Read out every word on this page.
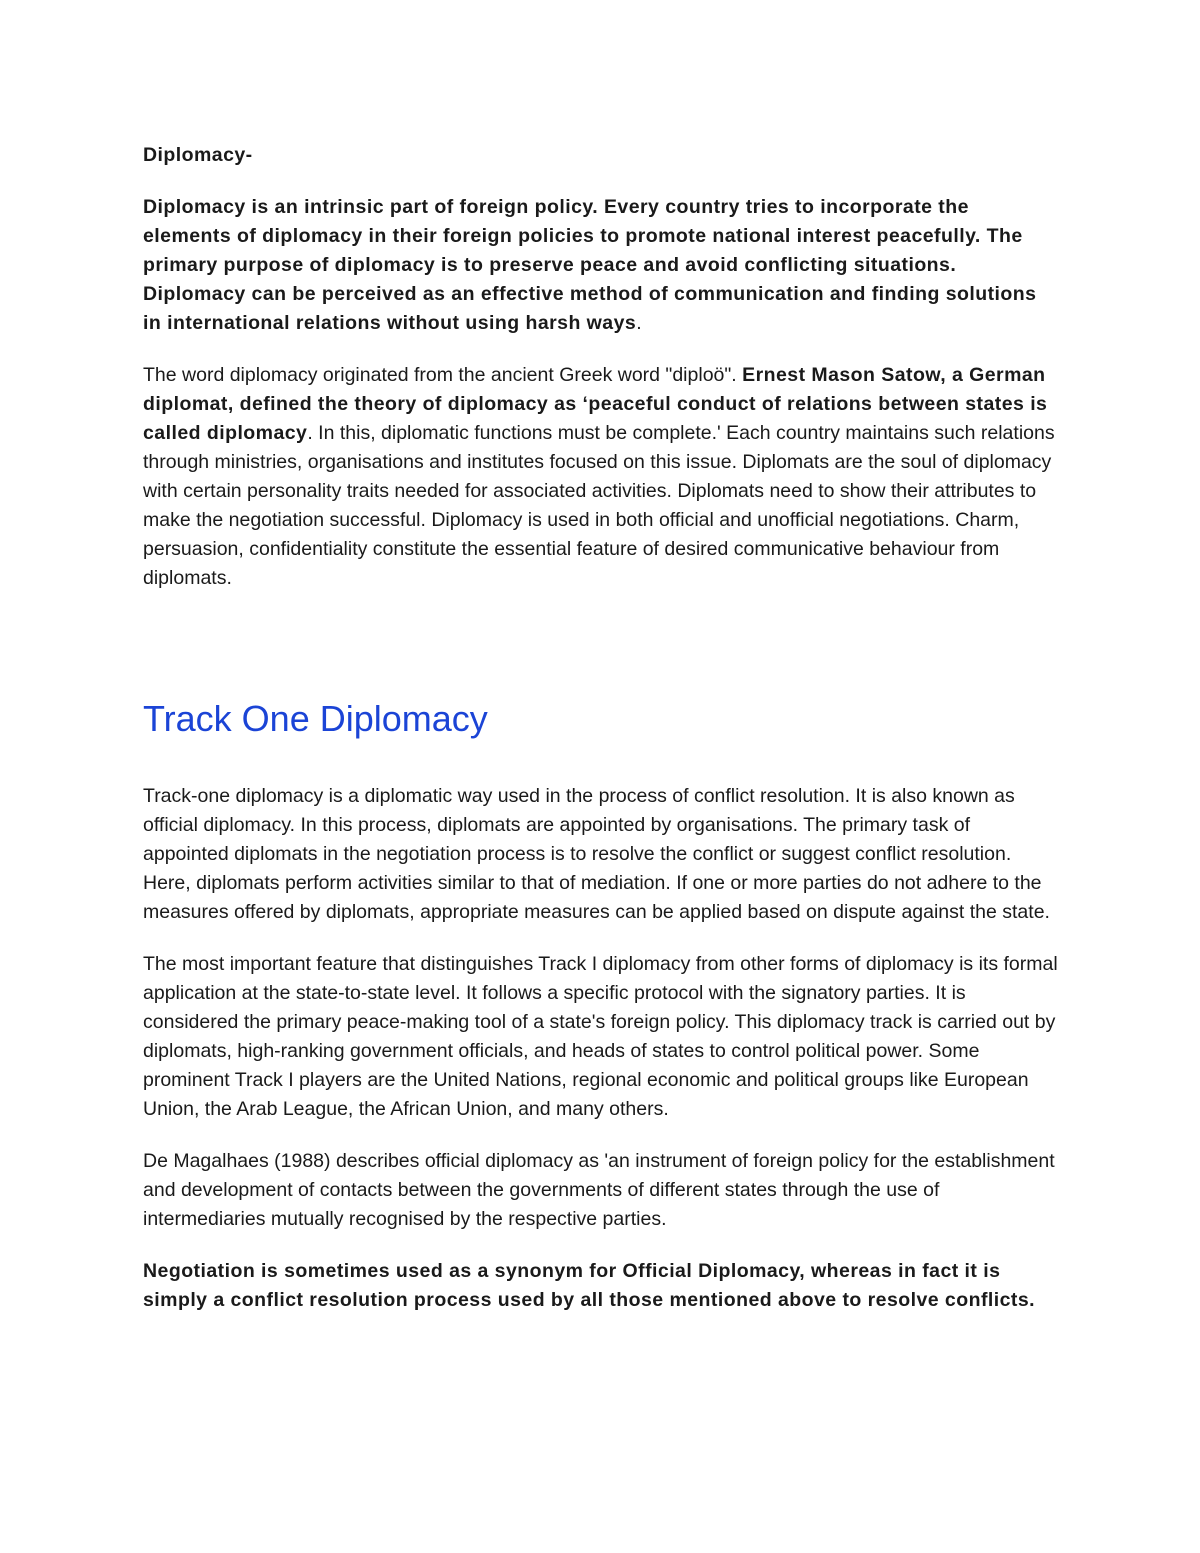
Diplomacy-

Diplomacy is an intrinsic part of foreign policy. Every country tries to incorporate the elements of diplomacy in their foreign policies to promote national interest peacefully. The primary purpose of diplomacy is to preserve peace and avoid conflicting situations. Diplomacy can be perceived as an effective method of communication and finding solutions in international relations without using harsh ways.

The word diplomacy originated from the ancient Greek word "diploö". Ernest Mason Satow, a German diplomat, defined the theory of diplomacy as ‘peaceful conduct of relations between states is called diplomacy. In this, diplomatic functions must be complete.' Each country maintains such relations through ministries, organisations and institutes focused on this issue. Diplomats are the soul of diplomacy with certain personality traits needed for associated activities. Diplomats need to show their attributes to make the negotiation successful. Diplomacy is used in both official and unofficial negotiations. Charm, persuasion, confidentiality constitute the essential feature of desired communicative behaviour from diplomats.

Track One Diplomacy

Track-one diplomacy is a diplomatic way used in the process of conflict resolution. It is also known as official diplomacy. In this process, diplomats are appointed by organisations. The primary task of appointed diplomats in the negotiation process is to resolve the conflict or suggest conflict resolution. Here, diplomats perform activities similar to that of mediation. If one or more parties do not adhere to the measures offered by diplomats, appropriate measures can be applied based on dispute against the state.

The most important feature that distinguishes Track I diplomacy from other forms of diplomacy is its formal application at the state-to-state level. It follows a specific protocol with the signatory parties. It is considered the primary peace-making tool of a state's foreign policy. This diplomacy track is carried out by diplomats, high-ranking government officials, and heads of states to control political power. Some prominent Track I players are the United Nations, regional economic and political groups like European Union, the Arab League, the African Union, and many others.

De Magalhaes (1988) describes official diplomacy as 'an instrument of foreign policy for the establishment and development of contacts between the governments of different states through the use of intermediaries mutually recognised by the respective parties.

Negotiation is sometimes used as a synonym for Official Diplomacy, whereas in fact it is simply a conflict resolution process used by all those mentioned above to resolve conflicts.
